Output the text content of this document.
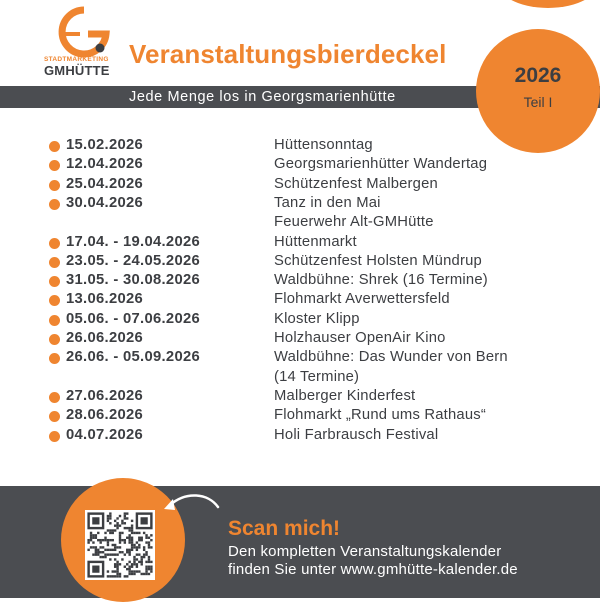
STADTMARKETING
GMHÜTTE
Veranstaltungsbierdeckel
Jede Menge los in Georgsmarienhütte
2026
Teil I
15.02.2026	Hüttensonntag
12.04.2026	Georgsmarienhütter Wandertag
25.04.2026	Schützenfest Malbergen
30.04.2026	Tanz in den Mai
Feuerwehr Alt-GMHütte
17.04. - 19.04.2026	Hüttenmarkt
23.05. - 24.05.2026	Schützenfest Holsten Mündrup
31.05. - 30.08.2026	Waldbühne: Shrek (16 Termine)
13.06.2026	Flohmarkt Averwettersfeld
05.06. - 07.06.2026	Kloster Klipp
26.06.2026	Holzhauser OpenAir Kino
26.06. - 05.09.2026	Waldbühne: Das Wunder von Bern
(14 Termine)
27.06.2026	Malberger Kinderfest
28.06.2026	Flohmarkt „Rund ums Rathaus“
04.07.2026	Holi Farbrausch Festival
Scan mich!
Den kompletten Veranstaltungskalender
finden Sie unter www.gmhütte-kalender.de
